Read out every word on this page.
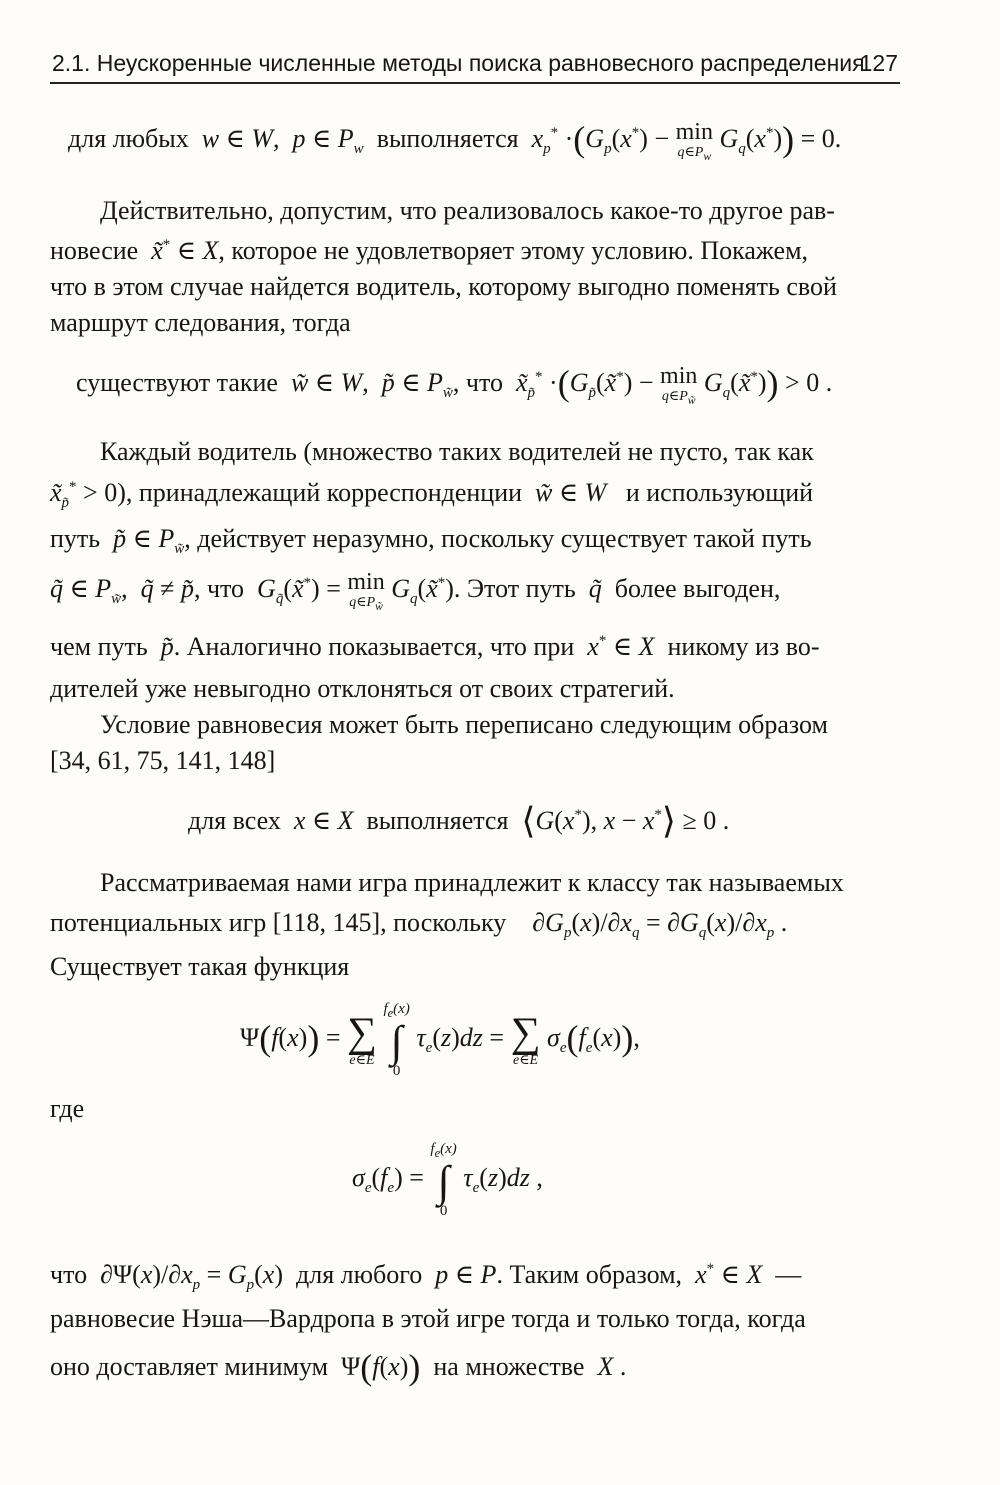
2.1. Неускоренные численные методы поиска равновесного распределения
127
для любых w ∈ W,  p ∈ $P_w$ выполняется $x_p^* \cdot(G_p(x^*) - \min$
$q\in P_w$
$G_q(x^*)) = 0$.
Действительно, допустим, что реализовалось какое-то другое рав-
новесие x̃* ∈ X, которое не удовлетворяет этому условию. Покажем,
что в этом случае найдется водитель, которому выгодно поменять свой
маршрут следования, тогда
существуют такие w̃ ∈ W,  p̃ ∈ $P_{w̃}$, что $x̃_{p̃}^*$ $\cdot(G_{p̃}(x̃^*) - \min$
$q\in P_{w̃}$
$G_q(x̃^*)) > 0$ .
Каждый водитель (множество таких водителей не пусто, так как
$x̃_{p̃}^* > 0$), принадлежащий корреспонденции w̃ ∈ W и использующий
путь p̃ ∈ $P_{w̃}$, действует неразумно, поскольку существует такой путь
q̃ ∈ $P_{w̃}$,  q̃ ≠ p̃, что $G_{q̃}(x̃^*) = \min$
$q\in P_{w̃}$
$G_q(x̃^*)$. Этот путь q̃ более выгоден,
чем путь p̃. Аналогично показывается, что при x* ∈ X никому из во-
дителей уже невыгодно отклоняться от своих стратегий.
Условие равновесия может быть переписано следующим образом
[34, 61, 75, 141, 148]
для всех x ∈ X выполняется ⟨G(x*), x − x*⟩ ≥ 0 .
Рассматриваемая нами игра принадлежит к классу так называемых
потенциальных игр [118, 145], поскольку    $\partial G_p(x)/\partial x_q = \partial G_q(x)/\partial x_p$ .
Существует такая функция
Ψ(f(x)) = ∑
e∈E

$f_e(x)$
∫
0
$\tau_e(z)dz$ = ∑
e∈E
$\sigma_e(f_e(x))$,
где
$\sigma_e(f_e)$ =
$f_e(x)$
∫
0
$\tau_e(z)dz$ ,
что  $\partial\Psi(x)/\partial x_p = G_p(x)$  для любого p ∈ P. Таким образом, x* ∈ X —
равновесие Нэша—Вардропа в этой игре тогда и только тогда, когда
оно доставляет минимум  Ψ(f(x)) на множестве X .
